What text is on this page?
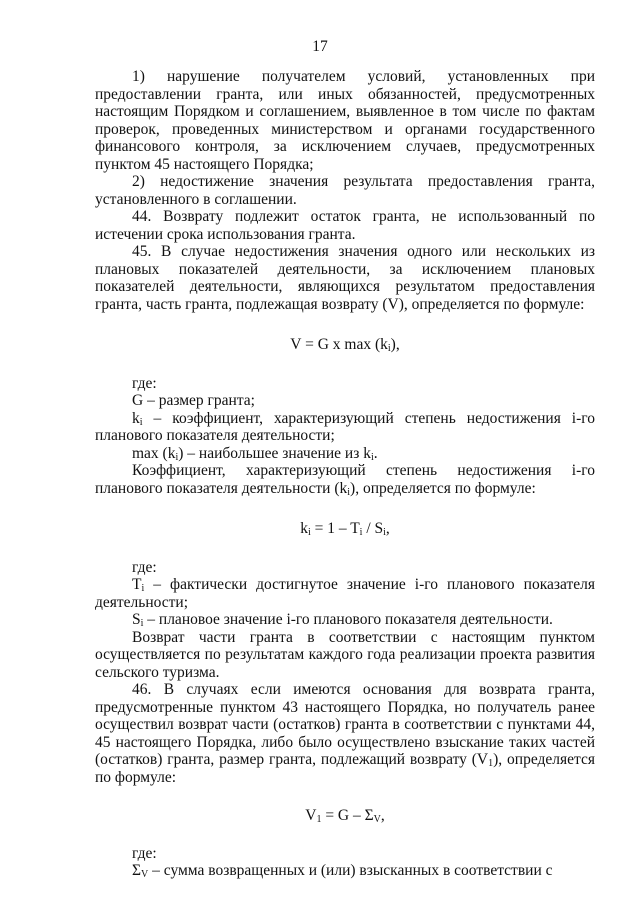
17

1)   нарушение   получателем   условий,   установленных   при предоставлении  гранта,  или  иных  обязанностей,  предусмотренных настоящим Порядком и соглашением, выявленное в том числе по фактам проверок, проведенных министерством и органами государственного финансового контроля, за исключением случаев, предусмотренных пунктом 45 настоящего Порядка;

2)  недостижение  значения  результата  предоставления  гранта, установленного в соглашении.

44. Возврату подлежит остаток гранта, не использованный по истечении срока использования гранта.

45. В случае недостижения значения одного или нескольких из плановых показателей деятельности, за исключением плановых показателей деятельности, являющихся результатом предоставления гранта, часть гранта, подлежащая возврату (V), определяется по формуле:

V = G x $\max (k_i)$,

где:

G – размер гранта;

$k_i$ – коэффициент, характеризующий степень недостижения i-го планового показателя деятельности;

$\max (k_i)$ – наибольшее значение из $k_i$.

Коэффициент, характеризующий степень недостижения i-го планового показателя деятельности $(k_i)$, определяется по формуле:

$k_i = 1 - T_i / S_i$,

где:

$T_i$ – фактически достигнутое значение i-го планового показателя деятельности;

$S_i$ – плановое значение i-го планового показателя деятельности.

Возврат  части  гранта  в  соответствии  с  настоящим  пунктом осуществляется по результатам каждого года реализации проекта развития сельского туризма.

46. В случаях если имеются основания для возврата гранта, предусмотренные пунктом 43 настоящего Порядка, но получатель ранее осуществил возврат части (остатков) гранта в соответствии с пунктами 44, 45 настоящего Порядка, либо было осуществлено взыскание таких частей (остатков) гранта, размер гранта, подлежащий возврату $(V_1)$, определяется по формуле:

$V_1 = G - \Sigma_V$,

где:

$\Sigma_V$ – сумма возвращенных и (или) взысканных в соответствии с
